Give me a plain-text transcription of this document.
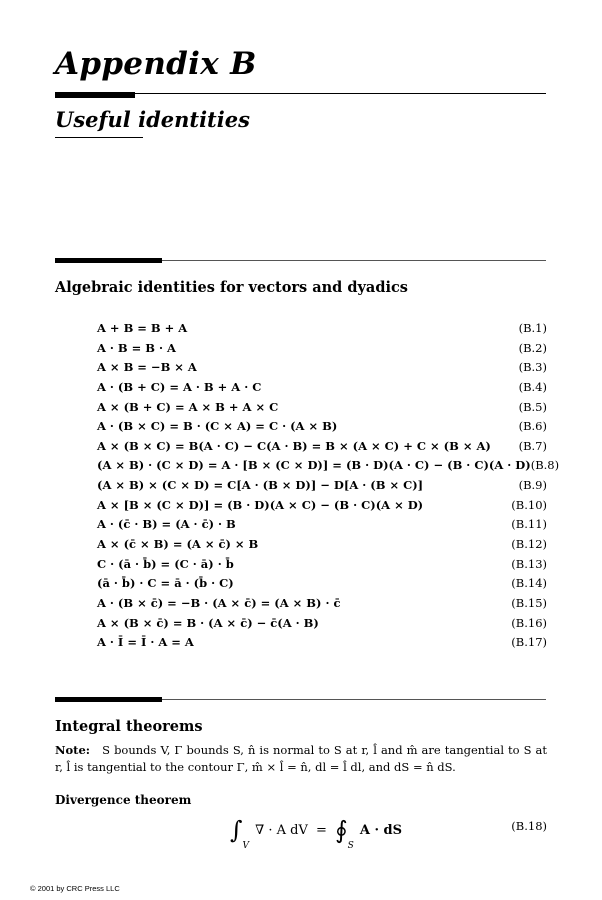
Appendix B
Useful identities
Algebraic identities for vectors and dyadics
A + B = B + A	(B.1)
A · B = B · A	(B.2)
A × B = −B × A	(B.3)
A · (B + C) = A · B + A · C	(B.4)
A × (B + C) = A × B + A × C	(B.5)
A · (B × C) = B · (C × A) = C · (A × B)	(B.6)
A × (B × C) = B(A · C) − C(A · B) = B × (A × C) + C × (B × A) (B.7)
(A × B) · (C × D) = A · [B × (C × D)] = (B · D)(A · C) − (B · C)(A · D) (B.8)
(A × B) × (C × D) = C[A · (B × D)] − D[A · (B × C)]	(B.9)
A × [B × (C × D)] = (B · D)(A × C) − (B · C)(A × D)	(B.10)
A · (c̄ · B) = (A · c̄) · B	(B.11)
A × (c̄ × B) = (A × c̄) × B	(B.12)
C · (ā · b̄) = (C · ā) · b̄	(B.13)
(ā · b̄) · C = ā · (b̄ · C)	(B.14)
A · (B × c̄) = −B · (A × c̄) = (A × B) · c̄	(B.15)
A × (B × c̄) = B · (A × c̄) − c̄(A · B)	(B.16)
A · Ī = Ī · A = A	(B.17)
Integral theorems
Note: S bounds V, Γ bounds S, n̂ is normal to S at r, l̂ and m̂ are tangential to S at r, l̂ is tangential to the contour Γ, m̂ × l̂ = n̂, dl = l̂ dl, and dS = n̂ dS.
Divergence theorem
$\int_V$ ∇ · A dV = $∮_S$ A · dS	(B.18)
© 2001 by CRC Press LLC
